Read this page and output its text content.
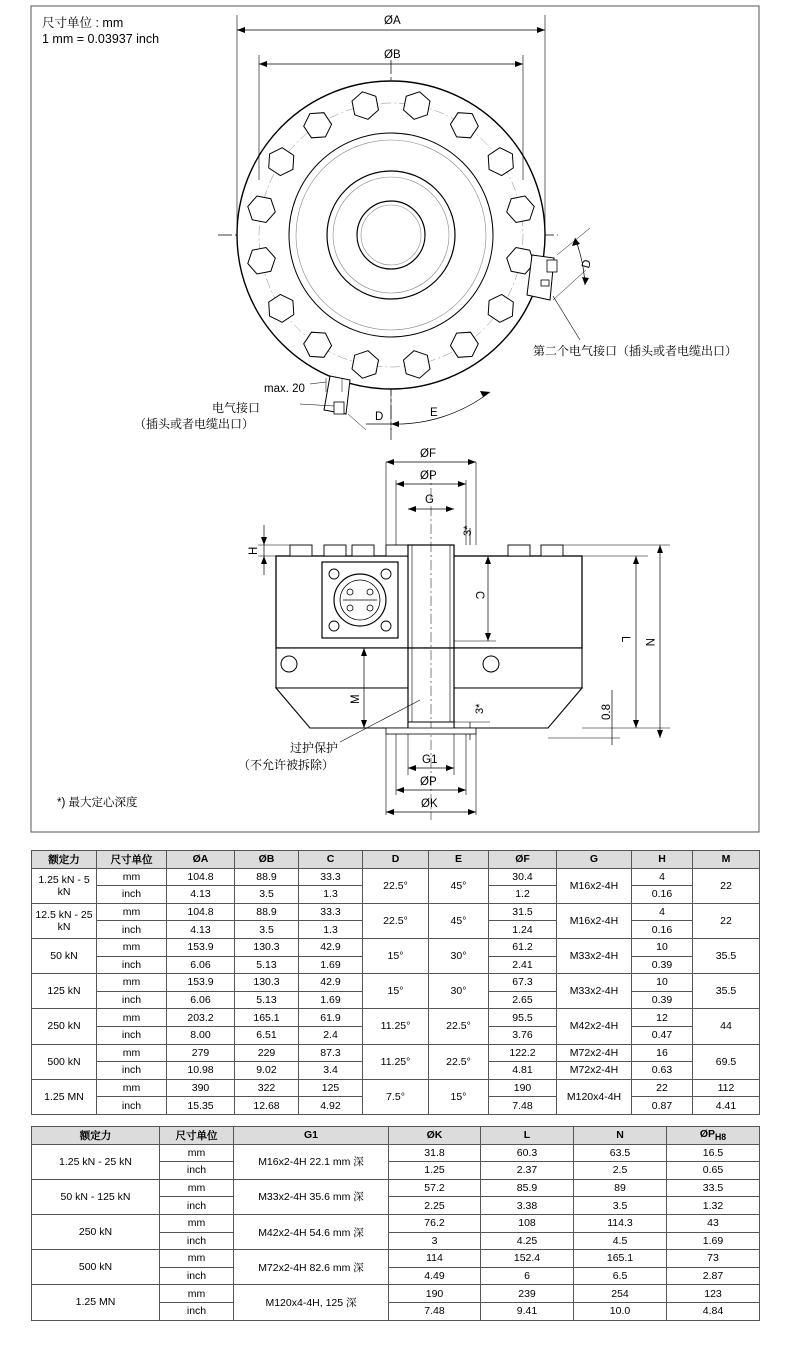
尺寸单位 : mm
1 mm = 0.03937 inch
ØA
ØB
D
第二个电气接口（插头或者电缆出口）
max. 20
D	E
电气接口
（插头或者电缆出口）
ØF
ØP
G
3*
H
C
L N
0.8
M
3*
G1
ØP
ØK
过护保护
（不允许被拆除）
*) 最大定心深度
额定力	尺寸单位	ØA	ØB	C	D	E	ØF	G	H	M
1.25 kN - 5 kN	mm	104.8	88.9	33.3	22.5°	45°	30.4	M16x2-4H	4	22
	inch	4.13	3.5	1.3			1.2		0.16	
12.5 kN - 25 kN	mm	104.8	88.9	33.3	22.5°	45°	31.5	M16x2-4H	4	22
	inch	4.13	3.5	1.3			1.24		0.16	
50 kN	mm	153.9	130.3	42.9	15°	30°	61.2	M33x2-4H	10	35.5
	inch	6.06	5.13	1.69			2.41		0.39	
125 kN	mm	153.9	130.3	42.9	15°	30°	67.3	M33x2-4H	10	35.5
	inch	6.06	5.13	1.69			2.65		0.39	
250 kN	mm	203.2	165.1	61.9	11.25°	22.5°	95.5	M42x2-4H	12	44
	inch	8.00	6.51	2.4			3.76		0.47	
500 kN	mm	279	229	87.3	11.25°	22.5°	122.2	M72x2-4H	16	69.5
	inch	10.98	9.02	3.4			4.81	M72x2-4H	0.63	
1.25 MN	mm	390	322	125	7.5°	15°	190	M120x4-4H	22	112
	inch	15.35	12.68	4.92			7.48		0.87	4.41
额定力	尺寸单位	G1	ØK	L	N	$ØP_{H8}$
1.25 kN - 25 kN	mm	M16x2-4H 22.1 mm 深	31.8	60.3	63.5	16.5
	inch		1.25	2.37	2.5	0.65
50 kN - 125 kN	mm	M33x2-4H 35.6 mm 深	57.2	85.9	89	33.5
	inch		2.25	3.38	3.5	1.32
250 kN	mm	M42x2-4H 54.6 mm 深	76.2	108	114.3	43
	inch		3	4.25	4.5	1.69
500 kN	mm	M72x2-4H 82.6 mm 深	114	152.4	165.1	73
	inch		4.49	6	6.5	2.87
1.25 MN	mm	M120x4-4H, 125 深	190	239	254	123
	inch		7.48	9.41	10.0	4.84
